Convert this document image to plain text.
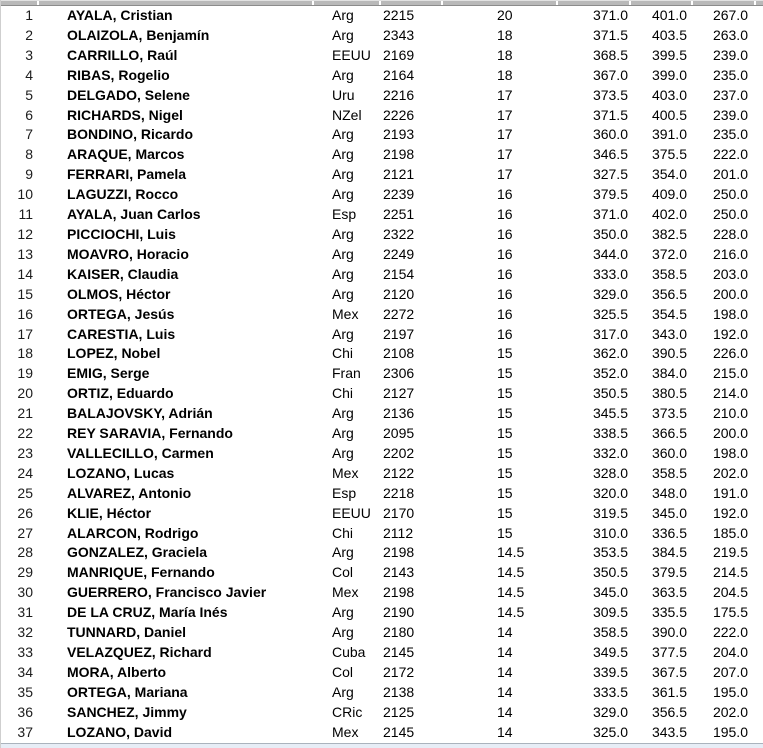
1	AYALA, Cristian	Arg	2215	20	371.0	401.0	267.0
2	OLAIZOLA, Benjamín	Arg	2343	18	371.5	403.5	263.0
3	CARRILLO, Raúl	EEUU 2169	18	368.5	399.5	239.0
4	RIBAS, Rogelio	Arg	2164	18	367.0	399.0	235.0
5	DELGADO, Selene	Uru	2216	17	373.5	403.0	237.0
6	RICHARDS, Nigel	NZel	2226	17	371.5	400.5	239.0
7	BONDINO, Ricardo	Arg	2193	17	360.0	391.0	235.0
8	ARAQUE, Marcos	Arg	2198	17	346.5	375.5	222.0
9	FERRARI, Pamela	Arg	2121	17	327.5	354.0	201.0
10	LAGUZZI, Rocco	Arg	2239	16	379.5	409.0	250.0
11	AYALA, Juan Carlos	Esp	2251	16	371.0	402.0	250.0
12	PICCIOCHI, Luis	Arg	2322	16	350.0	382.5	228.0
13	MOAVRO, Horacio	Arg	2249	16	344.0	372.0	216.0
14	KAISER, Claudia	Arg	2154	16	333.0	358.5	203.0
15	OLMOS, Héctor	Arg	2120	16	329.0	356.5	200.0
16	ORTEGA, Jesús	Mex	2272	16	325.5	354.5	198.0
17	CARESTIA, Luis	Arg	2197	16	317.0	343.0	192.0
18	LOPEZ, Nobel	Chi	2108	15	362.0	390.5	226.0
19	EMIG, Serge	Fran	2306	15	352.0	384.0	215.0
20	ORTIZ, Eduardo	Chi	2127	15	350.5	380.5	214.0
21	BALAJOVSKY, Adrián	Arg	2136	15	345.5	373.5	210.0
22	REY SARAVIA, Fernando	Arg	2095	15	338.5	366.5	200.0
23	VALLECILLO, Carmen	Arg	2202	15	332.0	360.0	198.0
24	LOZANO, Lucas	Mex	2122	15	328.0	358.5	202.0
25	ALVAREZ, Antonio	Esp	2218	15	320.0	348.0	191.0
26	KLIE, Héctor	EEUU 2170	15	319.5	345.0	192.0
27	ALARCON, Rodrigo	Chi	2112	15	310.0	336.5	185.0
28	GONZALEZ, Graciela	Arg	2198	14.5	353.5	384.5	219.5
29	MANRIQUE, Fernando	Col	2143	14.5	350.5	379.5	214.5
30	GUERRERO, Francisco Javier	Mex	2198	14.5	345.0	363.5	204.5
31	DE LA CRUZ, María Inés	Arg	2190	14.5	309.5	335.5	175.5
32	TUNNARD, Daniel	Arg	2180	14	358.5	390.0	222.0
33	VELAZQUEZ, Richard	Cuba	2145	14	349.5	377.5	204.0
34	MORA, Alberto	Col	2172	14	339.5	367.5	207.0
35	ORTEGA, Mariana	Arg	2138	14	333.5	361.5	195.0
36	SANCHEZ, Jimmy	CRic	2125	14	329.0	356.5	202.0
37	LOZANO, David	Mex	2145	14	325.0	343.5	195.0
